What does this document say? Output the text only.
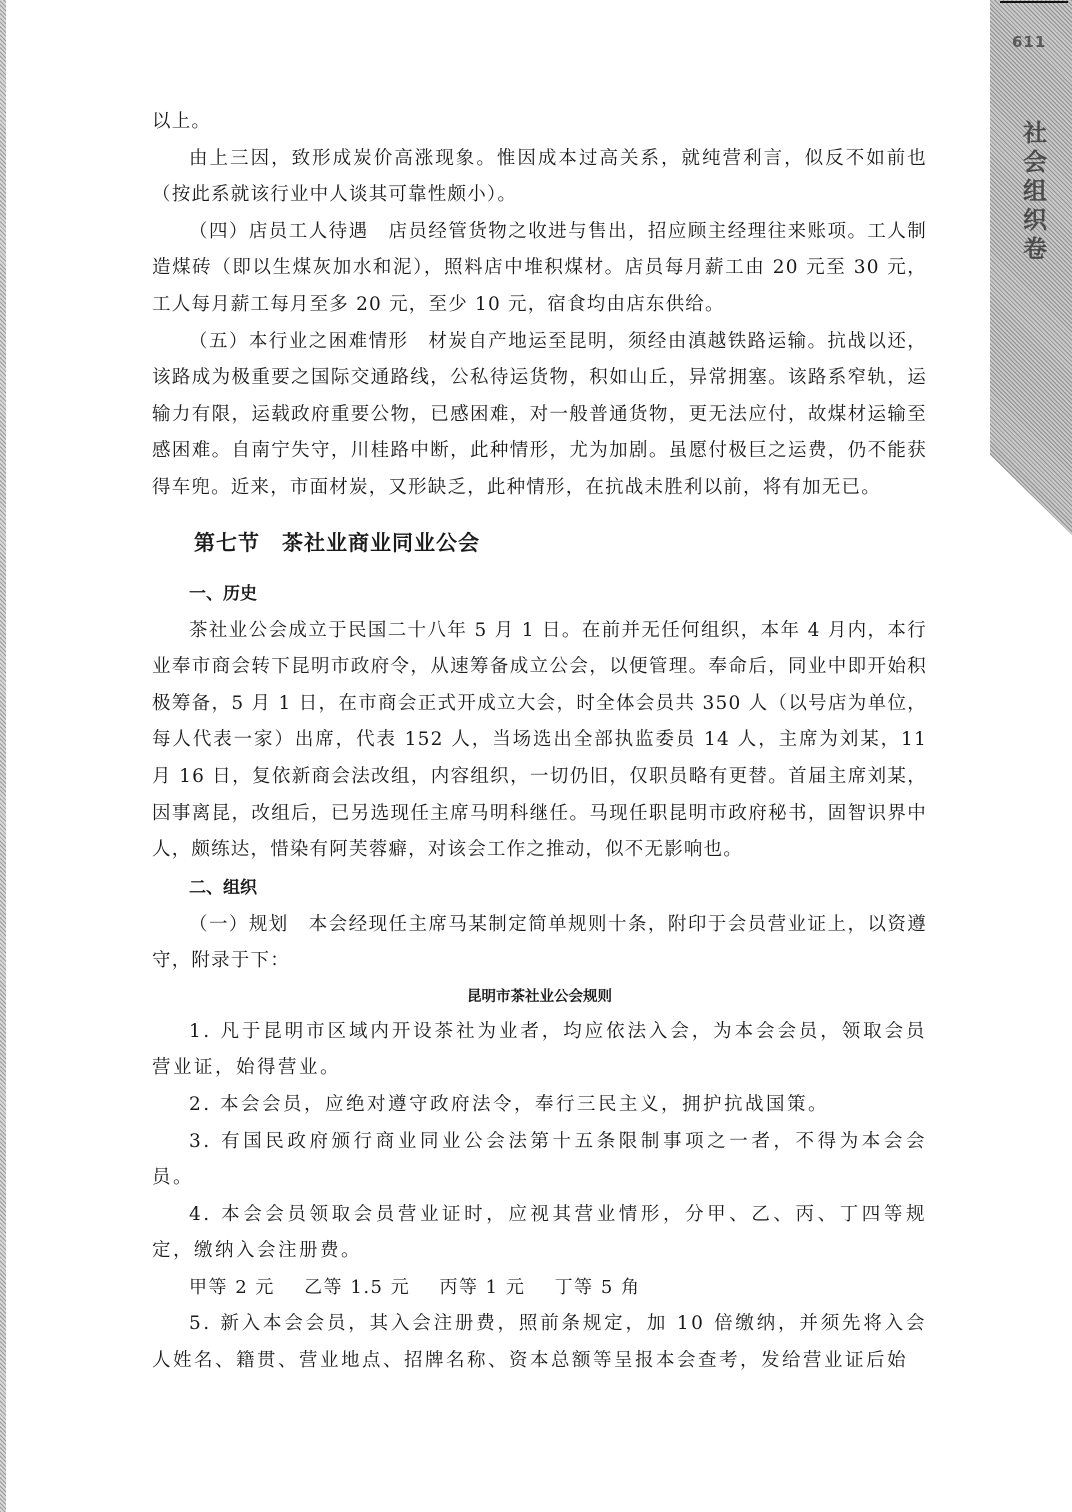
611
社会组织卷

以上。

由上三因，致形成炭价高涨现象。惟因成本过高关系，就纯营利言，似反不如前也（按此系就该行业中人谈其可靠性颇小）。

（四）店员工人待遇　店员经管货物之收进与售出，招应顾主经理往来账项。工人制造煤砖（即以生煤灰加水和泥），照料店中堆积煤材。店员每月薪工由 20 元至 30 元，工人每月薪工每月至多 20 元，至少 10 元，宿食均由店东供给。

（五）本行业之困难情形　材炭自产地运至昆明，须经由滇越铁路运输。抗战以还，该路成为极重要之国际交通路线，公私待运货物，积如山丘，异常拥塞。该路系窄轨，运输力有限，运载政府重要公物，已感困难，对一般普通货物，更无法应付，故煤材运输至感困难。自南宁失守，川桂路中断，此种情形，尤为加剧。虽愿付极巨之运费，仍不能获得车兜。近来，市面材炭，又形缺乏，此种情形，在抗战未胜利以前，将有加无已。

第七节　茶社业商业同业公会
一、历史

茶社业公会成立于民国二十八年 5 月 1 日。在前并无任何组织，本年 4 月内，本行业奉市商会转下昆明市政府令，从速筹备成立公会，以便管理。奉命后，同业中即开始积极筹备，5 月 1 日，在市商会正式开成立大会，时全体会员共 350 人（以号店为单位，每人代表一家）出席，代表 152 人，当场选出全部执监委员 14 人，主席为刘某，11 月 16 日，复依新商会法改组，内容组织，一切仍旧，仅职员略有更替。首届主席刘某，因事离昆，改组后，已另选现任主席马明科继任。马现任职昆明市政府秘书，固智识界中人，颇练达，惜染有阿芙蓉癖，对该会工作之推动，似不无影响也。

二、组织

（一）规划　本会经现任主席马某制定简单规则十条，附印于会员营业证上，以资遵守，附录于下：

昆明市茶社业公会规则

1. 凡于昆明市区域内开设茶社为业者，均应依法入会，为本会会员，领取会员营业证，始得营业。

2. 本会会员，应绝对遵守政府法令，奉行三民主义，拥护抗战国策。

3. 有国民政府颁行商业同业公会法第十五条限制事项之一者，不得为本会会员。

4. 本会会员领取会员营业证时，应视其营业情形，分甲、乙、丙、丁四等规定，缴纳入会注册费。

甲等 2 元 乙等 1.5 元 丙等 1 元 丁等 5 角

5. 新入本会会员，其入会注册费，照前条规定，加 10 倍缴纳，并须先将入会人姓名、籍贯、营业地点、招牌名称、资本总额等呈报本会查考，发给营业证后始
